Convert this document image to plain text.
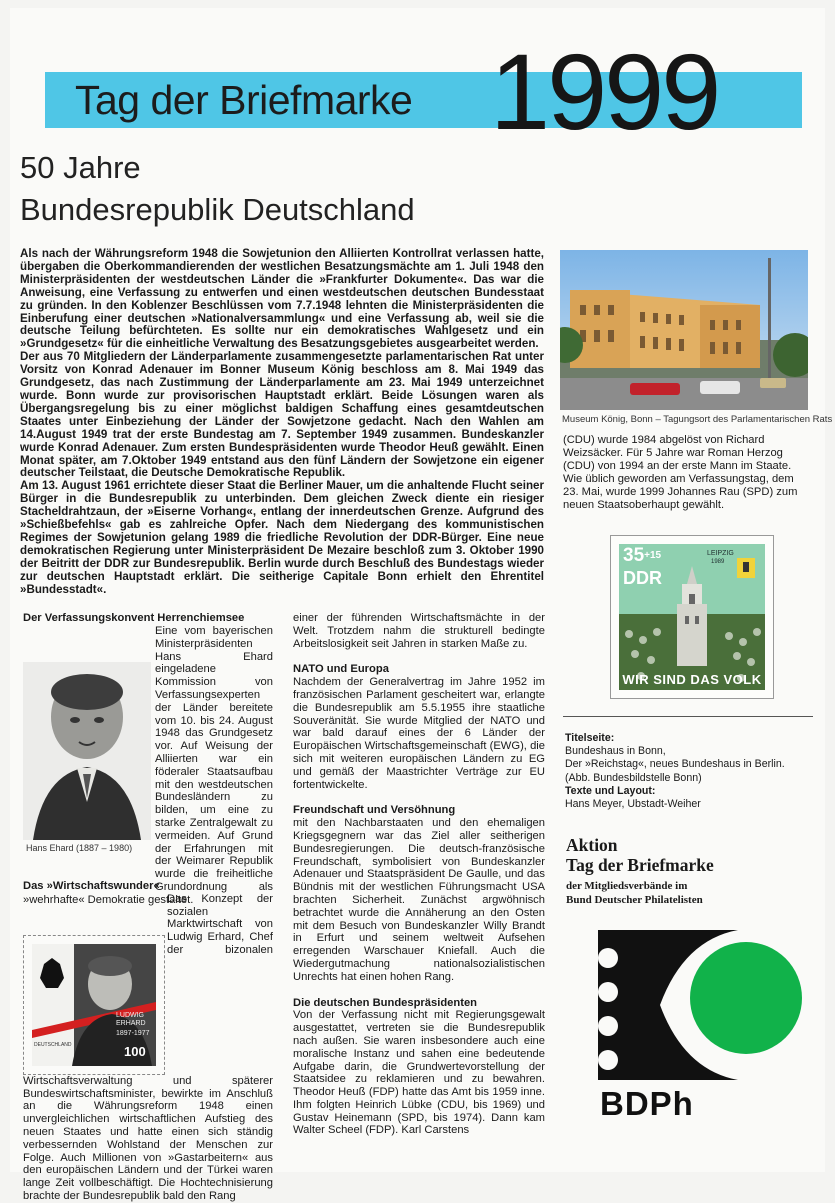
Tag der Briefmarke 1999
50 Jahre
Bundesrepublik Deutschland

Als nach der Währungsreform 1948 die Sowjetunion den Alliierten Kontrollrat verlassen hatte, übergaben die Oberkommandierenden der westlichen Besatzungsmächte am 1. Juli 1948 den Ministerpräsidenten der westdeutschen Länder die »Frankfurter Dokumente«. Das war die Anweisung, eine Verfassung zu entwerfen und einen westdeutschen deutschen Bundesstaat zu gründen. In den Koblenzer Beschlüssen vom 7.7.1948 lehnten die Ministerpräsidenten die Einberufung einer deutschen »Nationalversammlung« und eine Verfassung ab, weil sie die deutsche Teilung befürchteten. Es sollte nur ein demokratisches Wahlgesetz und ein »Grundgesetz« für die einheitliche Verwaltung des Besatzungsgebietes ausgearbeitet werden.

Der aus 70 Mitgliedern der Länderparlamente zusammengesetzte parlamentarischen Rat unter Vorsitz von Konrad Adenauer im Bonner Museum König beschloss am 8. Mai 1949 das Grundgesetz, das nach Zustimmung der Länderparlamente am 23. Mai 1949 unterzeichnet wurde. Bonn wurde zur provisorischen Hauptstadt erklärt. Beide Lösungen waren als Übergangsregelung bis zu einer möglichst baldigen Schaffung eines gesamtdeutschen Staates unter Einbeziehung der Länder der Sowjetzone gedacht. Nach den Wahlen am 14.August 1949 trat der erste Bundestag am 7. September 1949 zusammen. Bundeskanzler wurde Konrad Adenauer. Zum ersten Bundespräsidenten wurde Theodor Heuß gewählt. Einen Monat später, am 7.Oktober 1949 entstand aus den fünf Ländern der Sowjetzone ein eigener deutscher Teilstaat, die Deutsche Demokratische Republik.

Am 13. August 1961 errichtete dieser Staat die Berliner Mauer, um die anhaltende Flucht seiner Bürger in die Bundesrepublik zu unterbinden. Dem gleichen Zweck diente ein riesiger Stacheldrahtzaun, der »Eiserne Vorhang«, entlang der innerdeutschen Grenze. Aufgrund des »Schießbefehls« gab es zahlreiche Opfer. Nach dem Niedergang des kommunistischen Regimes der Sowjetunion gelang 1989 die friedliche Revolution der DDR-Bürger. Eine neue demokratischen Regierung unter Ministerpräsident De Mezaire beschloß zum 3. Oktober 1990 der Beitritt der DDR zur Bundesrepublik. Berlin wurde durch Beschluß des Bundestags wieder zur deutschen Hauptstadt erklärt. Die seitherige Capitale Bonn erhielt den Ehrentitel »Bundesstadt«.

Museum König, Bonn – Tagungsort des Parlamentarischen Rats

(CDU) wurde 1984 abgelöst von Richard Weizsäcker. Für 5 Jahre war Roman Herzog (CDU) von 1994 an der erste Mann im Staate. Wie üblich geworden am Verfassungstag, dem 23. Mai, wurde 1999 Johannes Rau (SPD) zum neuen Staatsoberhaupt gewählt.

$35^{+15}$
DDR
LEIPZIG
1989
WIR SIND DAS VOLK
Titelseite:
Bundeshaus in Bonn,
Der »Reichstag«, neues Bundeshaus in Berlin.
(Abb. Bundesbildstelle Bonn)
Texte und Layout:
Hans Meyer, Ubstadt-Weiher
Aktion
Tag der Briefmarke
der Mitgliedsverbände im
Bund Deutscher Philatelisten
BDPh

Der Verfassungskonvent Herrenchiemsee

Hans Ehard (1887 – 1980)

Eine vom bayerischen Ministerpräsidenten Hans Ehard eingeladene Kommission von Verfassungsexperten der Länder bereitete vom 10. bis 24. August 1948 das Grundgesetz vor. Auf Weisung der Alliierten war ein föderaler Staatsaufbau mit den westdeutschen Bundesländern zu bilden, um eine zu starke Zentralgewalt zu vermeiden. Auf Grund der Erfahrungen mit der Weimarer Republik wurde die freiheitliche Grundordnung als »wehrhafte« Demokratie gestaltet.

Das »Wirtschaftswunder«

Das Konzept der sozialen Marktwirtschaft von Ludwig Erhard, Chef der bizonalen Wirtschaftsverwaltung und späterer Bundeswirtschaftsminister, bewirkte im Anschluß an die Währungsreform 1948 einen unvergleichlichen wirtschaftlichen Aufstieg des neuen Staates und hatte einen sich ständig verbessernden Wohlstand der Menschen zur Folge. Auch Millionen von »Gastarbeitern« aus den europäischen Ländern und der Türkei waren lange Zeit vollbeschäftigt. Die Hochtechnisierung brachte der Bundesrepublik bald den Rang

LUDWIG ERHARD
1897-1977
100
DEUTSCHLAND

einer der führenden Wirtschaftsmächte in der Welt. Trotzdem nahm die strukturell bedingte Arbeitslosigkeit seit Jahren in starken Maße zu.

NATO und Europa

Nachdem der Generalvertrag im Jahre 1952 im französischen Parlament gescheitert war, erlangte die Bundesrepublik am 5.5.1955 ihre staatliche Souveränität. Sie wurde Mitglied der NATO und war bald darauf eines der 6 Länder der Europäischen Wirtschaftsgemeinschaft (EWG), die sich mit weiteren europäischen Ländern zu EG und gemäß der Maastrichter Verträge zur EU fortentwickelte.

Freundschaft und Versöhnung

mit den Nachbarstaaten und den ehemaligen Kriegsgegnern war das Ziel aller seitherigen Bundesregierungen. Die deutsch-französische Freundschaft, symbolisiert von Bundeskanzler Adenauer und Staatspräsident De Gaulle, und das Bündnis mit der westlichen Führungsmacht USA brachten Sicherheit. Zunächst argwöhnisch betrachtet wurde die Annäherung an den Osten mit dem Besuch von Bundeskanzler Willy Brandt in Erfurt und seinem weltweit Aufsehen erregenden Warschauer Kniefall. Auch die Wiedergutmachung nationalsozialistischen Unrechts hat einen hohen Rang.

Die deutschen Bundespräsidenten

Von der Verfassung nicht mit Regierungsgewalt ausgestattet, vertreten sie die Bundesrepublik nach außen. Sie waren insbesondere auch eine moralische Instanz und sahen eine bedeutende Aufgabe darin, die Grundwertevorstellung der Staatsidee zu reklamieren und zu bewahren. Theodor Heuß (FDP) hatte das Amt bis 1959 inne. Ihm folgten Heinrich Lübke (CDU, bis 1969) und Gustav Heinemann (SPD, bis 1974). Dann kam Walter Scheel (FDP). Karl Carstens
